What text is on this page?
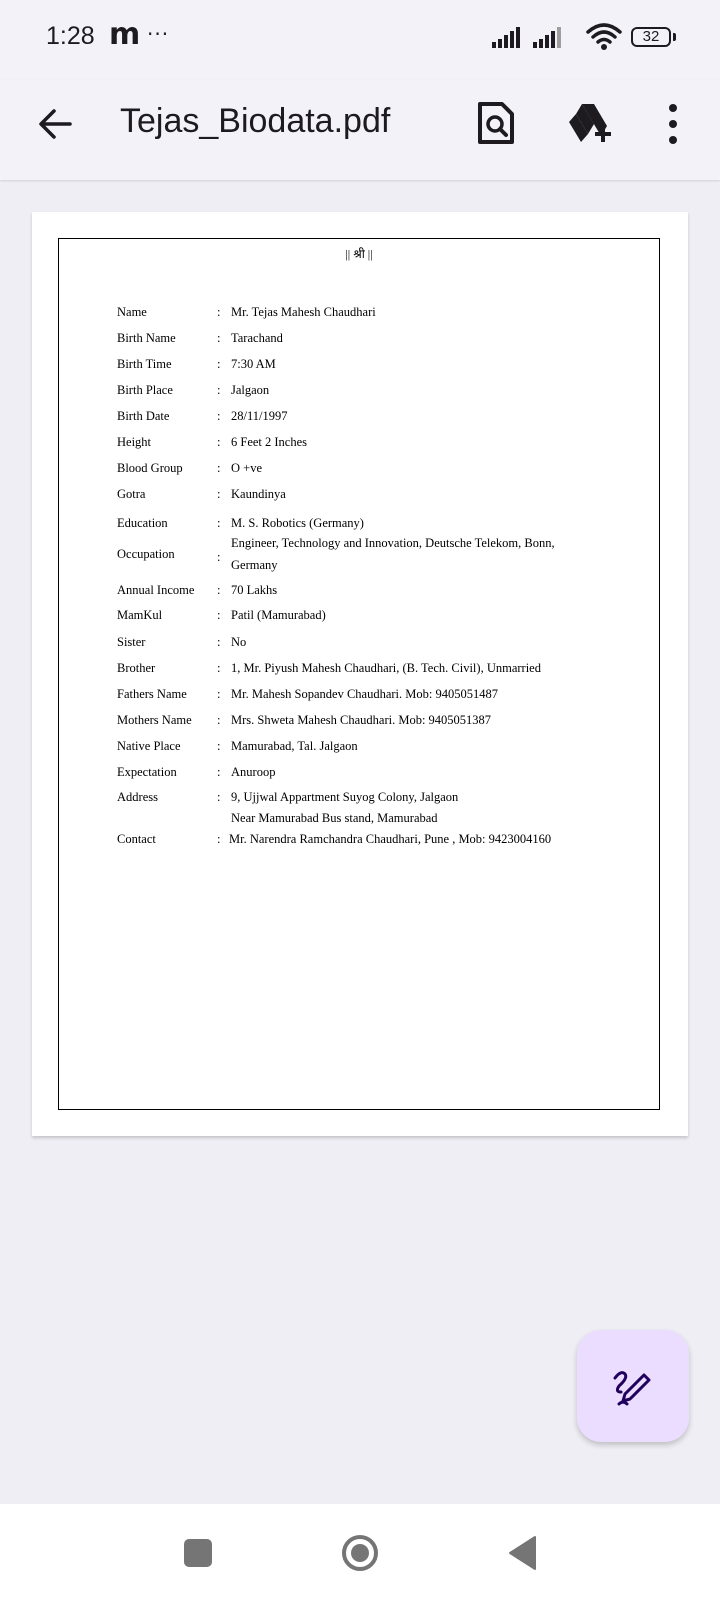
1:28 m ···	32
Tejas_Biodata.pdf
|| श्री ||
Name	: Mr. Tejas Mahesh Chaudhari
Birth Name	: Tarachand
Birth Time	: 7:30 AM
Birth Place	: Jalgaon
Birth Date	: 28/11/1997
Height	: 6 Feet 2 Inches
Blood Group	: O +ve
Gotra	: Kaundinya
Education	: M. S. Robotics (Germany)
Occupation	:
Engineer, Technology and Innovation, Deutsche Telekom, Bonn,
Germany
Annual Income	: 70 Lakhs
MamKul	: Patil (Mamurabad)
Sister	: No
Brother	: 1, Mr. Piyush Mahesh Chaudhari, (B. Tech. Civil), Unmarried
Fathers Name	: Mr. Mahesh Sopandev Chaudhari. Mob: 9405051487
Mothers Name	: Mrs. Shweta Mahesh Chaudhari. Mob: 9405051387
Native Place	: Mamurabad, Tal. Jalgaon
Expectation	: Anuroop
Address	: 9, Ujjwal Appartment Suyog Colony, Jalgaon
Near Mamurabad Bus stand, Mamurabad
Contact	: Mr. Narendra Ramchandra Chaudhari, Pune , Mob: 9423004160
